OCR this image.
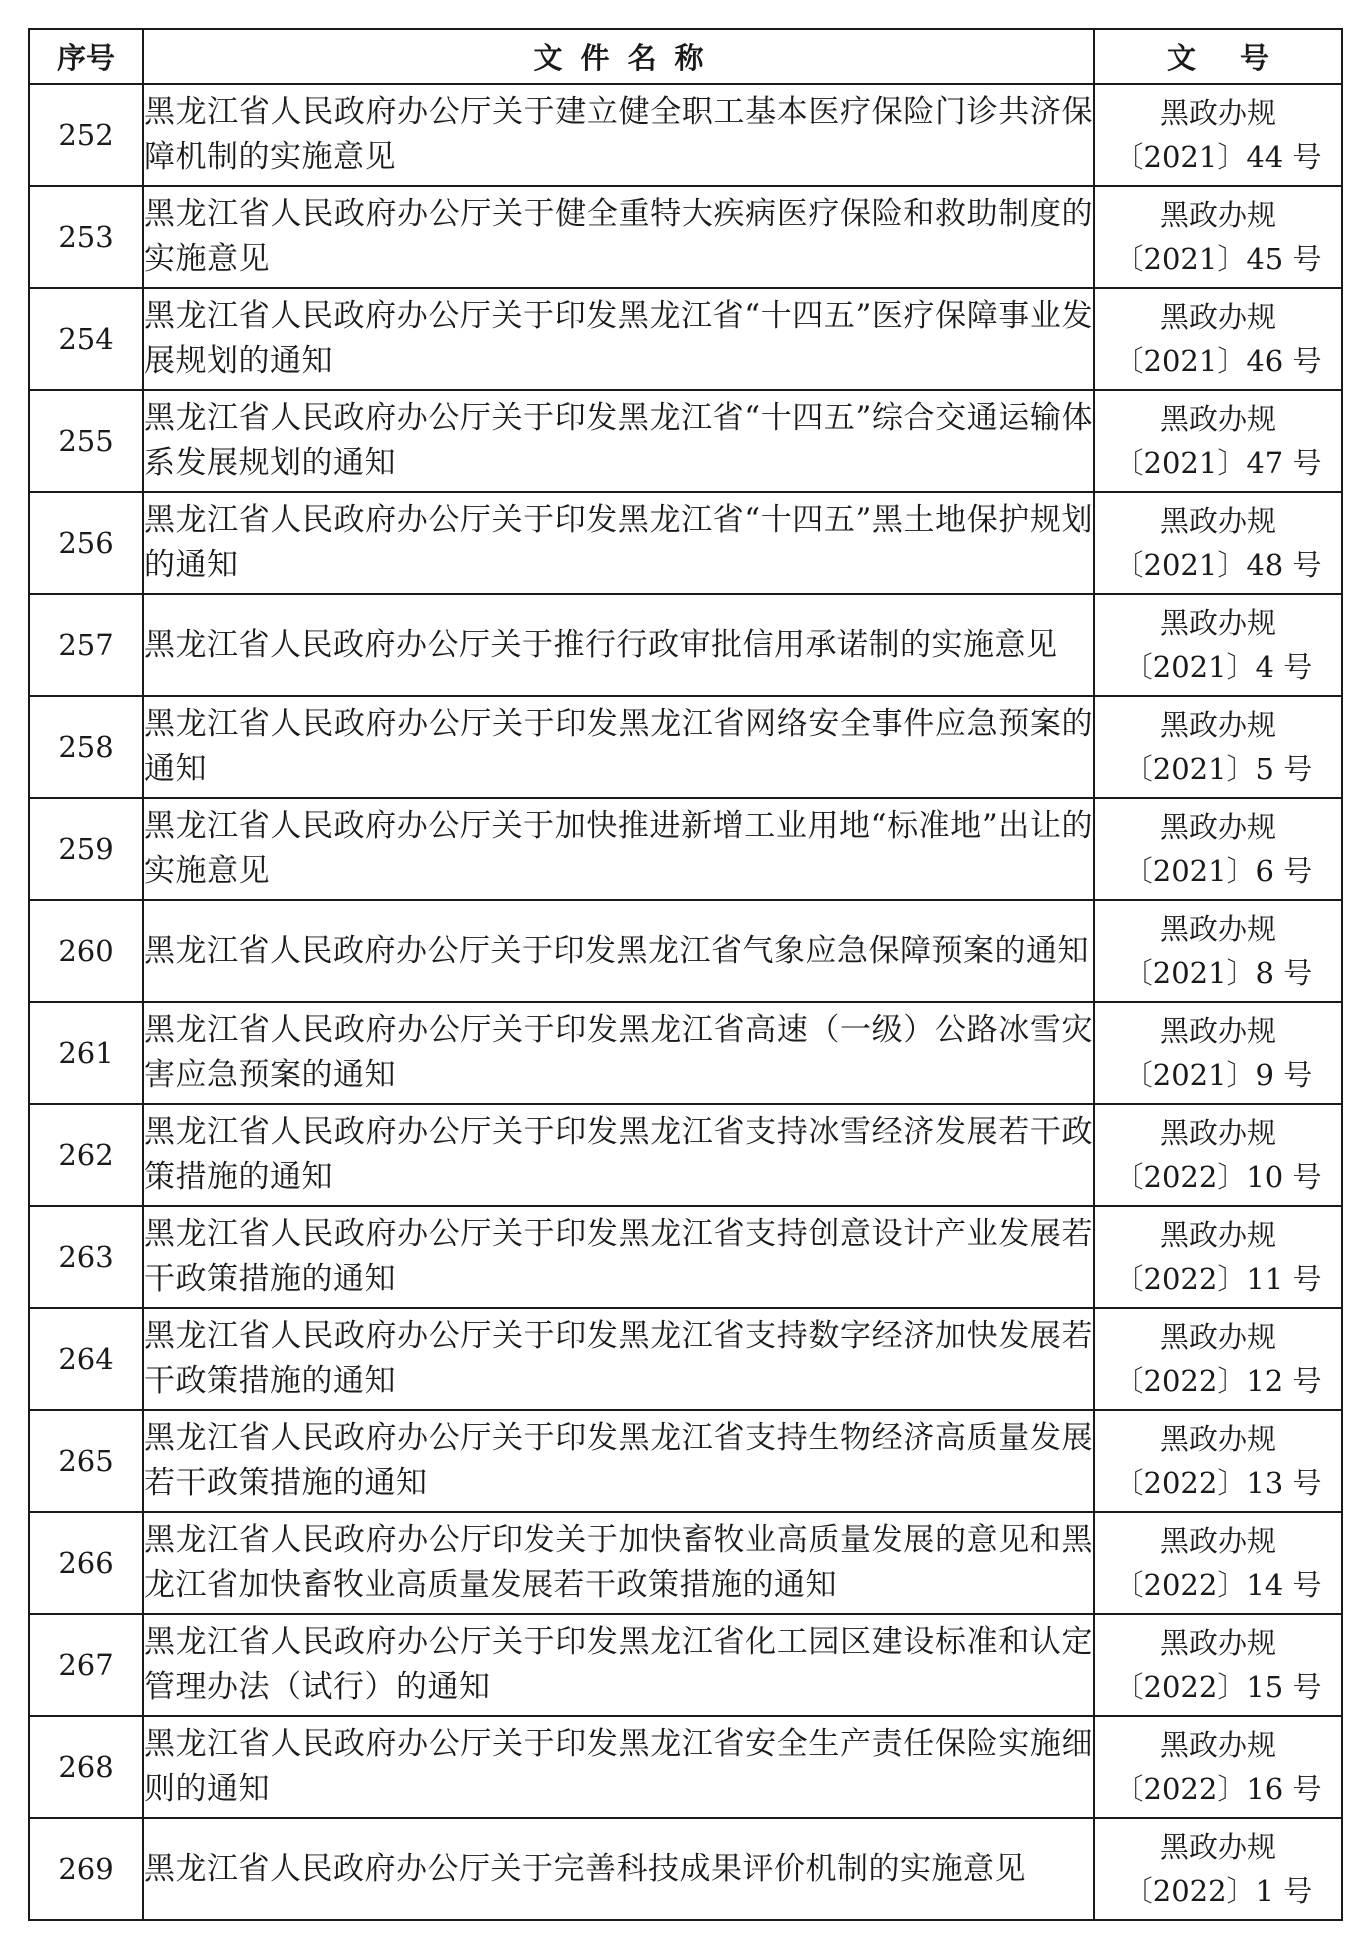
序号	文件名称	文号
252	黑龙江省人民政府办公厅关于建立健全职工基本医疗保险门诊共济保障机制的实施意见	黑政办规
〔2021〕44 号

253	黑龙江省人民政府办公厅关于健全重特大疾病医疗保险和救助制度的实施意见	黑政办规
〔2021〕45 号

254	黑龙江省人民政府办公厅关于印发黑龙江省“十四五”医疗保障事业发展规划的通知	黑政办规
〔2021〕46 号

255	黑龙江省人民政府办公厅关于印发黑龙江省“十四五”综合交通运输体系发展规划的通知	黑政办规
〔2021〕47 号

256	黑龙江省人民政府办公厅关于印发黑龙江省“十四五”黑土地保护规划的通知	黑政办规
〔2021〕48 号

257	黑龙江省人民政府办公厅关于推行行政审批信用承诺制的实施意见	黑政办规
〔2021〕4 号

258	黑龙江省人民政府办公厅关于印发黑龙江省网络安全事件应急预案的通知	黑政办规
〔2021〕5 号

259	黑龙江省人民政府办公厅关于加快推进新增工业用地“标准地”出让的实施意见	黑政办规
〔2021〕6 号

260	黑龙江省人民政府办公厅关于印发黑龙江省气象应急保障预案的通知	黑政办规
〔2021〕8 号

261	黑龙江省人民政府办公厅关于印发黑龙江省高速（一级）公路冰雪灾害应急预案的通知	黑政办规
〔2021〕9 号

262	黑龙江省人民政府办公厅关于印发黑龙江省支持冰雪经济发展若干政策措施的通知	黑政办规
〔2022〕10 号

263	黑龙江省人民政府办公厅关于印发黑龙江省支持创意设计产业发展若干政策措施的通知	黑政办规
〔2022〕11 号

264	黑龙江省人民政府办公厅关于印发黑龙江省支持数字经济加快发展若干政策措施的通知	黑政办规
〔2022〕12 号

265	黑龙江省人民政府办公厅关于印发黑龙江省支持生物经济高质量发展若干政策措施的通知	黑政办规
〔2022〕13 号

266	黑龙江省人民政府办公厅印发关于加快畜牧业高质量发展的意见和黑龙江省加快畜牧业高质量发展若干政策措施的通知	黑政办规
〔2022〕14 号

267	黑龙江省人民政府办公厅关于印发黑龙江省化工园区建设标准和认定管理办法（试行）的通知	黑政办规
〔2022〕15 号

268	黑龙江省人民政府办公厅关于印发黑龙江省安全生产责任保险实施细则的通知	黑政办规
〔2022〕16 号

269	黑龙江省人民政府办公厅关于完善科技成果评价机制的实施意见	黑政办规
〔2022〕1 号
